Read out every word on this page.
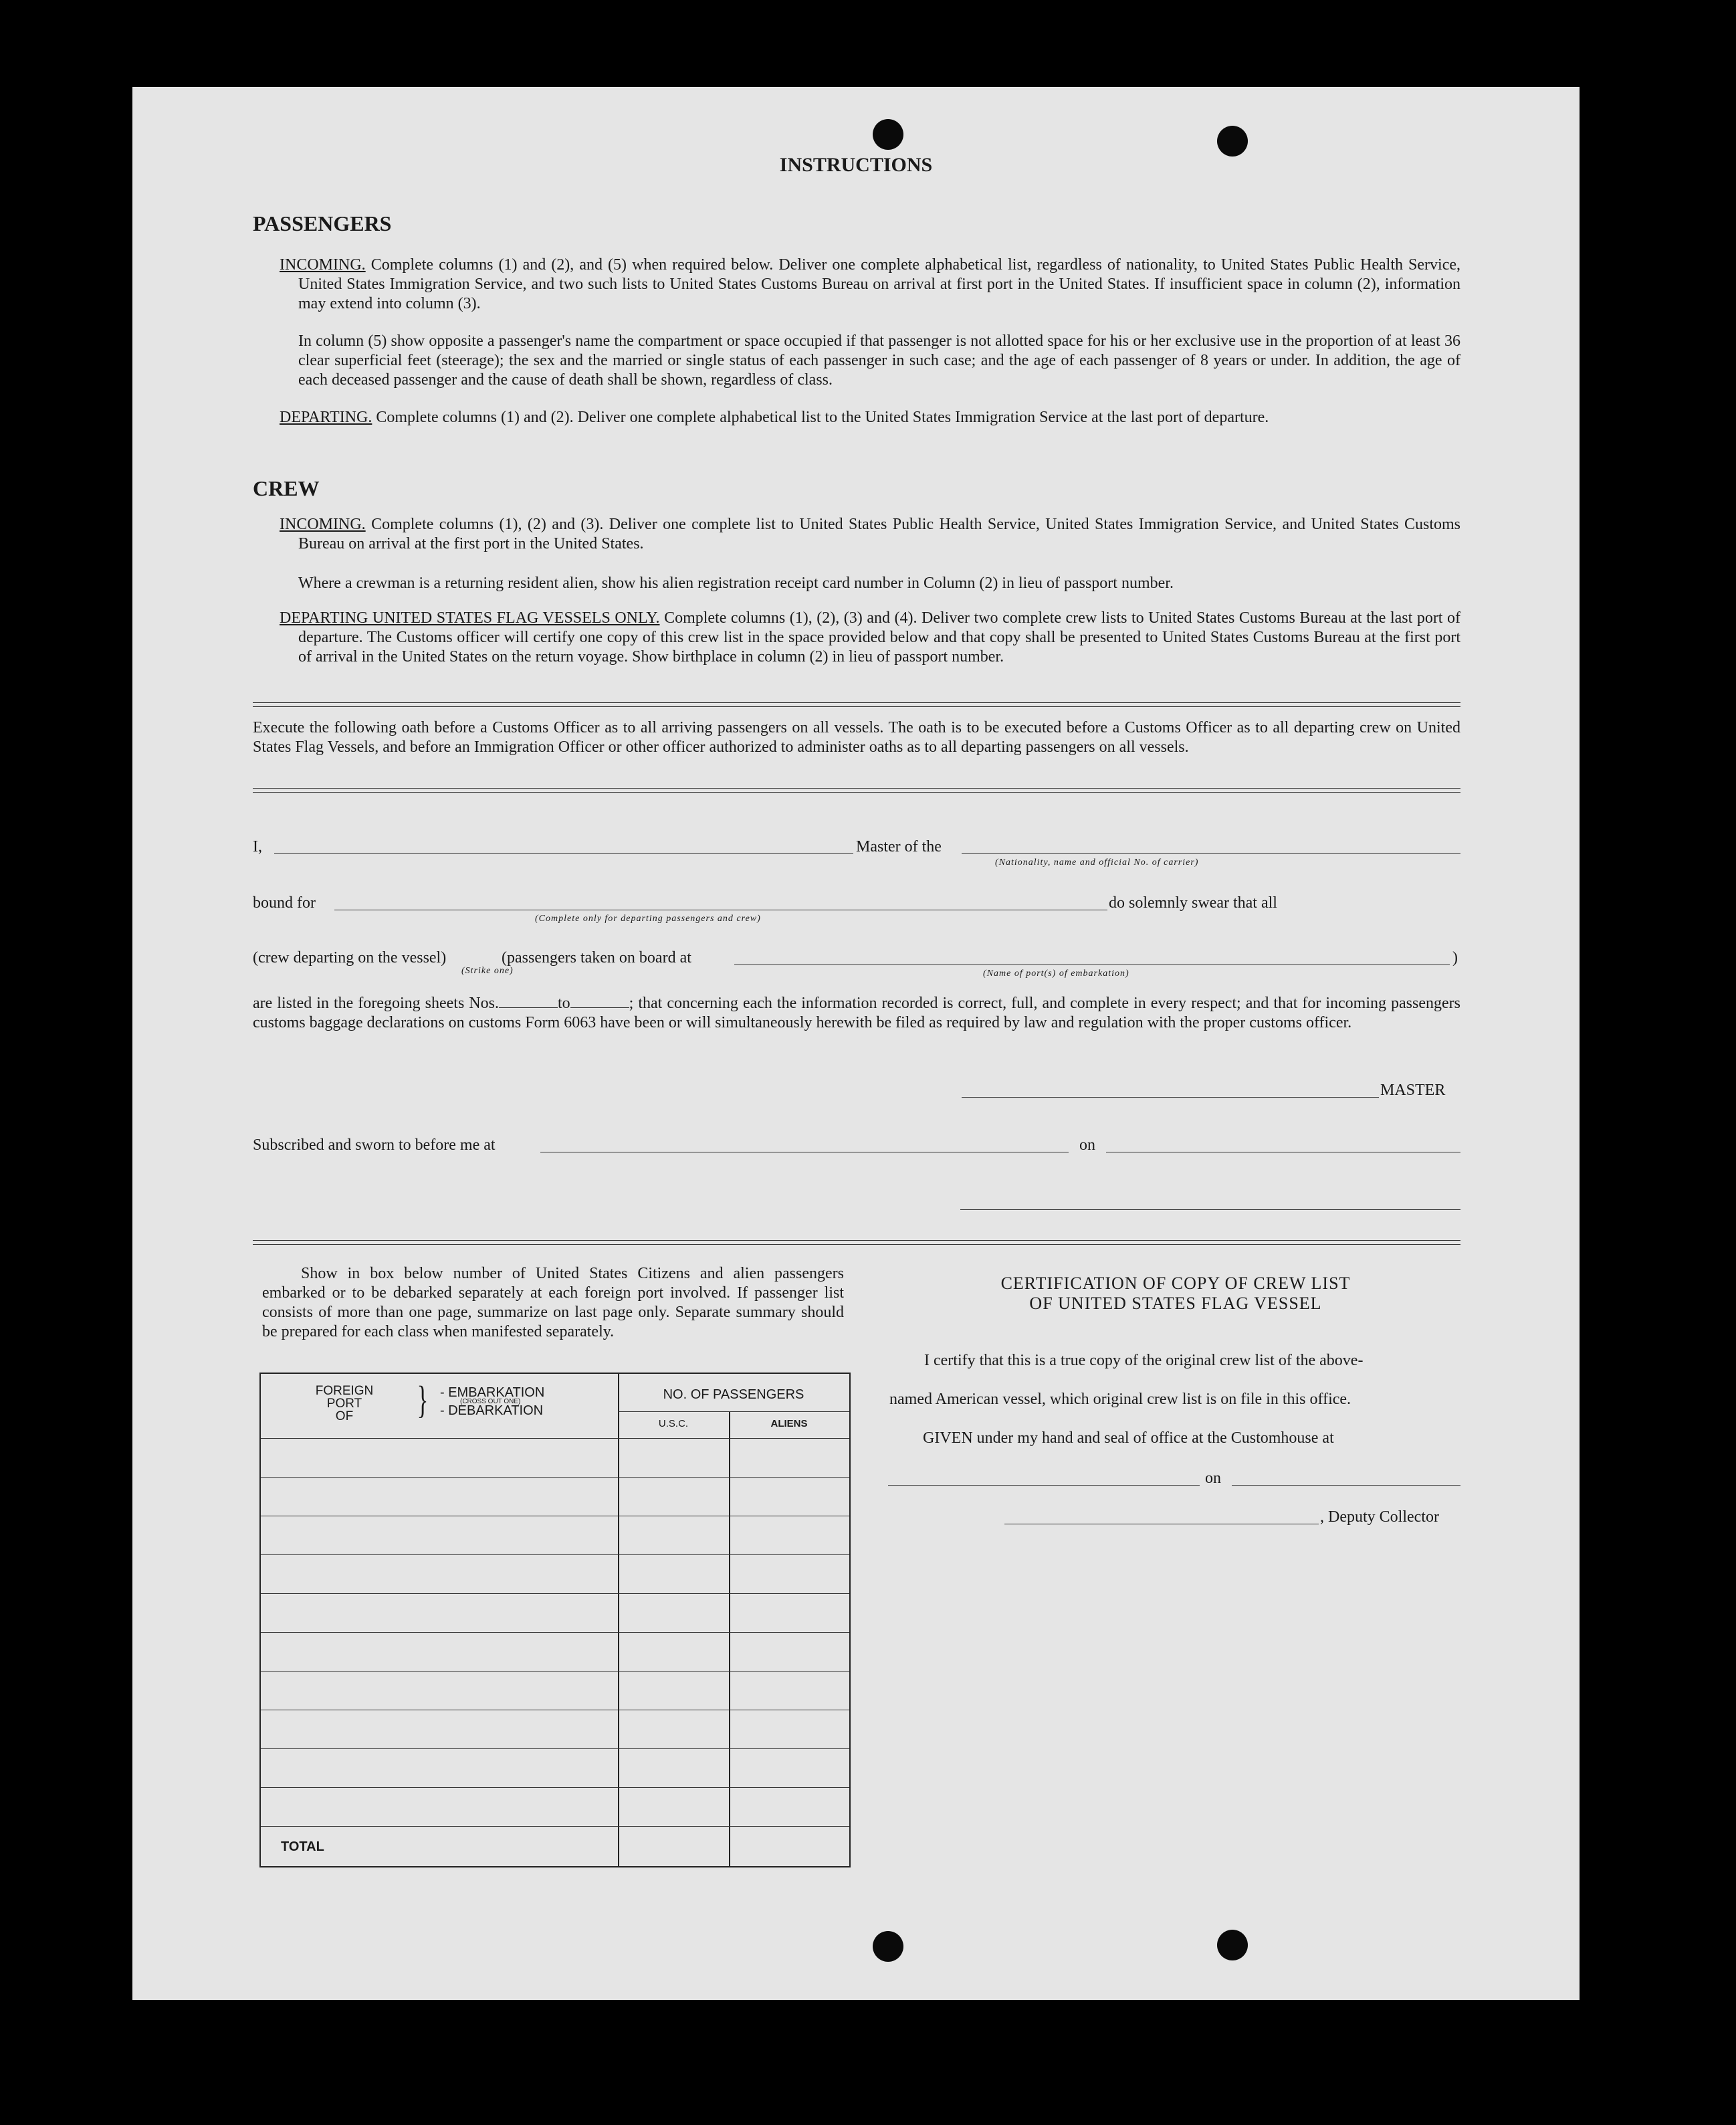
INSTRUCTIONS
PASSENGERS
INCOMING. Complete columns (1) and (2), and (5) when required below. Deliver one complete alphabetical list, regardless of nationality, to United States Public Health Service, United States Immigration Service, and two such lists to United States Customs Bureau on arrival at first port in the United States. If insufficient space in column (2), information may extend into column (3).
In column (5) show opposite a passenger's name the compartment or space occupied if that passenger is not allotted space for his or her exclusive use in the proportion of at least 36 clear superficial feet (steerage); the sex and the married or single status of each passenger in such case; and the age of each passenger of 8 years or under. In addition, the age of each deceased passenger and the cause of death shall be shown, regardless of class.
DEPARTING. Complete columns (1) and (2). Deliver one complete alphabetical list to the United States Immigration Service at the last port of departure.
CREW
INCOMING. Complete columns (1), (2) and (3). Deliver one complete list to United States Public Health Service, United States Immigration Service, and United States Customs Bureau on arrival at the first port in the United States.
Where a crewman is a returning resident alien, show his alien registration receipt card number in Column (2) in lieu of passport number.
DEPARTING UNITED STATES FLAG VESSELS ONLY. Complete columns (1), (2), (3) and (4). Deliver two complete crew lists to United States Customs Bureau at the last port of departure. The Customs officer will certify one copy of this crew list in the space provided below and that copy shall be presented to United States Customs Bureau at the first port of arrival in the United States on the return voyage. Show birthplace in column (2) in lieu of passport number.
Execute the following oath before a Customs Officer as to all arriving passengers on all vessels. The oath is to be executed before a Customs Officer as to all departing crew on United States Flag Vessels, and before an Immigration Officer or other officer authorized to administer oaths as to all departing passengers on all vessels.
I,	Master of the
(Nationality, name and official No. of carrier)
bound for
(Complete only for departing passengers and crew)
do solemnly swear that all
(crew departing on the vessel)
(Strike one)
(passengers taken on board at
(Name of port(s) of embarkation)
)
are listed in the foregoing sheets Nos.	to	; that concerning each the information recorded is correct, full, and complete in every respect; and that for incoming passengers customs baggage declarations on customs Form 6063 have been or will simultaneously herewith be filed as required by law and regulation with the proper customs officer.
MASTER
Subscribed and sworn to before me at	on
Show in box below number of United States Citizens and alien passengers embarked or to be debarked separately at each foreign port involved. If passenger list consists of more than one page, summarize on last page only. Separate summary should be prepared for each class when manifested separately.
FOREIGN
PORT
OF	} - EMBARKATION
(CROSS OUT ONE)
- DEBARKATION
NO. OF PASSENGERS
U.S.C.	ALIENS
TOTAL
CERTIFICATION OF COPY OF CREW LIST
OF UNITED STATES FLAG VESSEL
I certify that this is a true copy of the original crew list of the above-
named American vessel, which original crew list is on file in this office.
GIVEN under my hand and seal of office at the Customhouse at
on
, Deputy Collector
